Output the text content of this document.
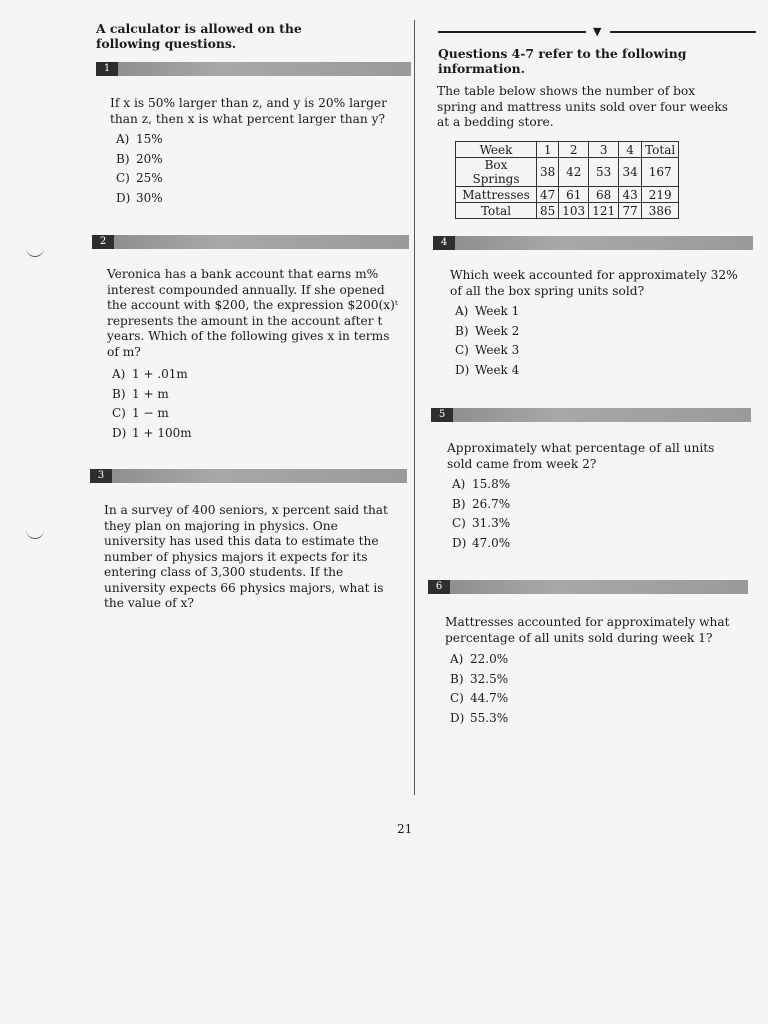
A calculator is allowed on the following questions.
▼
Questions 4-7 refer to the following information.
The table below shows the number of box spring and mattress units sold over four weeks at a bedding store.
Week	1	2	3	4	Total
Box Springs	38	42	53	34	167
Mattresses	47	61	68	43	219
Total	85	103	121	77	386
1
If x is 50% larger than z, and y is 20% larger than z, then x is what percent larger than y?
A) 15%
B) 20%
C) 25%
D) 30%
2
Veronica has a bank account that earns m% interest compounded annually. If she opened the account with $200, the expression $200(x)ᵗ represents the amount in the account after t years. Which of the following gives x in terms of m?
A) 1 + .01m
B) 1 + m
C) 1 − m
D) 1 + 100m
3
In a survey of 400 seniors, x percent said that they plan on majoring in physics. One university has used this data to estimate the number of physics majors it expects for its entering class of 3,300 students. If the university expects 66 physics majors, what is the value of x?
4
Which week accounted for approximately 32% of all the box spring units sold?
A) Week 1
B) Week 2
C) Week 3
D) Week 4
5
Approximately what percentage of all units sold came from week 2?
A) 15.8%
B) 26.7%
C) 31.3%
D) 47.0%
6
Mattresses accounted for approximately what percentage of all units sold during week 1?
A) 22.0%
B) 32.5%
C) 44.7%
D) 55.3%
21
